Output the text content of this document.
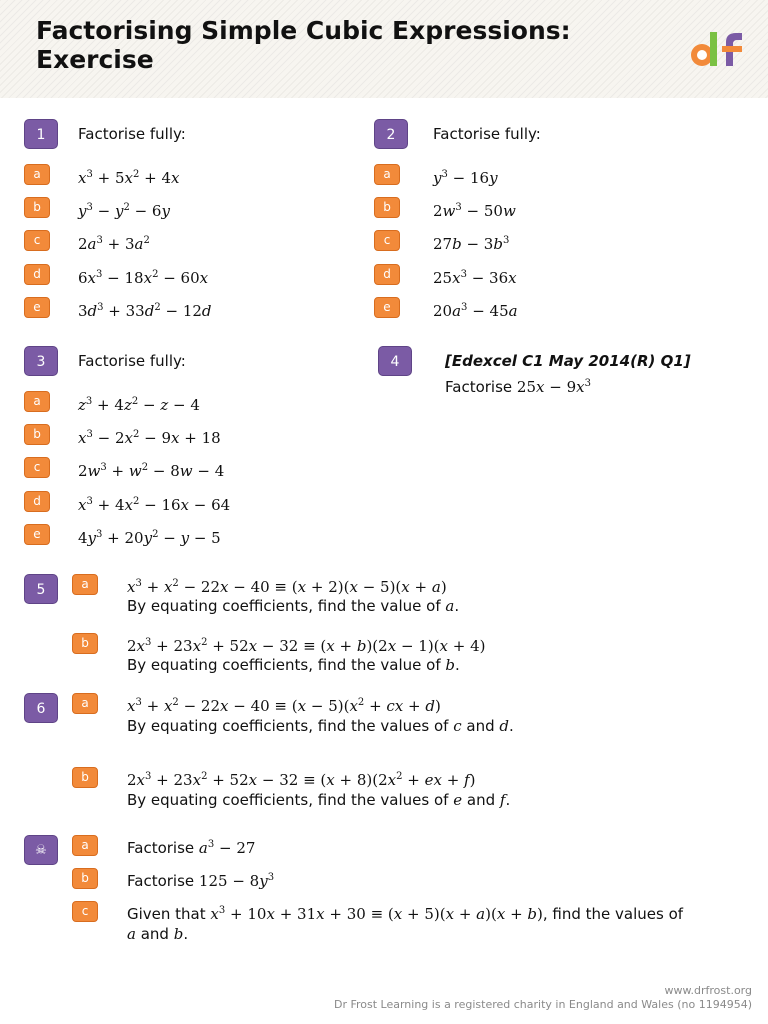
Factorising Simple Cubic Expressions:
Exercise
1	Factorise fully:
a	$x^3 + 5x^2 + 4x$
b	$y^3 - y^2 - 6y$
c	$2a^3 + 3a^2$
d	$6x^3 - 18x^2 - 60x$
e	$3d^3 + 33d^2 - 12d$
2	Factorise fully:
a	$y^3 - 16y$
b	$2w^3 - 50w$
c	$27b - 3b^3$
d	$25x^3 - 36x$
e	$20a^3 - 45a$
3	Factorise fully:
a	$z^3 + 4z^2 - z - 4$
b	$x^3 - 2x^2 - 9x + 18$
c	$2w^3 + w^2 - 8w - 4$
d	$x^3 + 4x^2 - 16x - 64$
e	$4y^3 + 20y^2 - y - 5$
4	[Edexcel C1 May 2014(R) Q1]
Factorise $25x - 9x^3$
5	a	$x^3 + x^2 - 22x - 40 \equiv (x + 2)(x - 5)(x + a)$
By equating coefficients, find the value of a.
b	$2x^3 + 23x^2 + 52x - 32 \equiv (x + b)(2x - 1)(x + 4)$
By equating coefficients, find the value of b.
6	a	$x^3 + x^2 - 22x - 40 \equiv (x - 5)(x^2$ + cx + d)
By equating coefficients, find the values of c and d.
b	$2x^3 + 23x^2 + 52x - 32 \equiv (x + 8)(2x^2$ + ex + f)
By equating coefficients, find the values of e and f.
☠	a	Factorise $a^3 - 27$
b	Factorise $125 - 8y^3$
c	Given that $x^3 + 10x + 31x + 30 \equiv (x + 5)(x + a)(x + b)$, find the values of
a and b.
www.drfrost.org
Dr Frost Learning is a registered charity in England and Wales (no 1194954)
